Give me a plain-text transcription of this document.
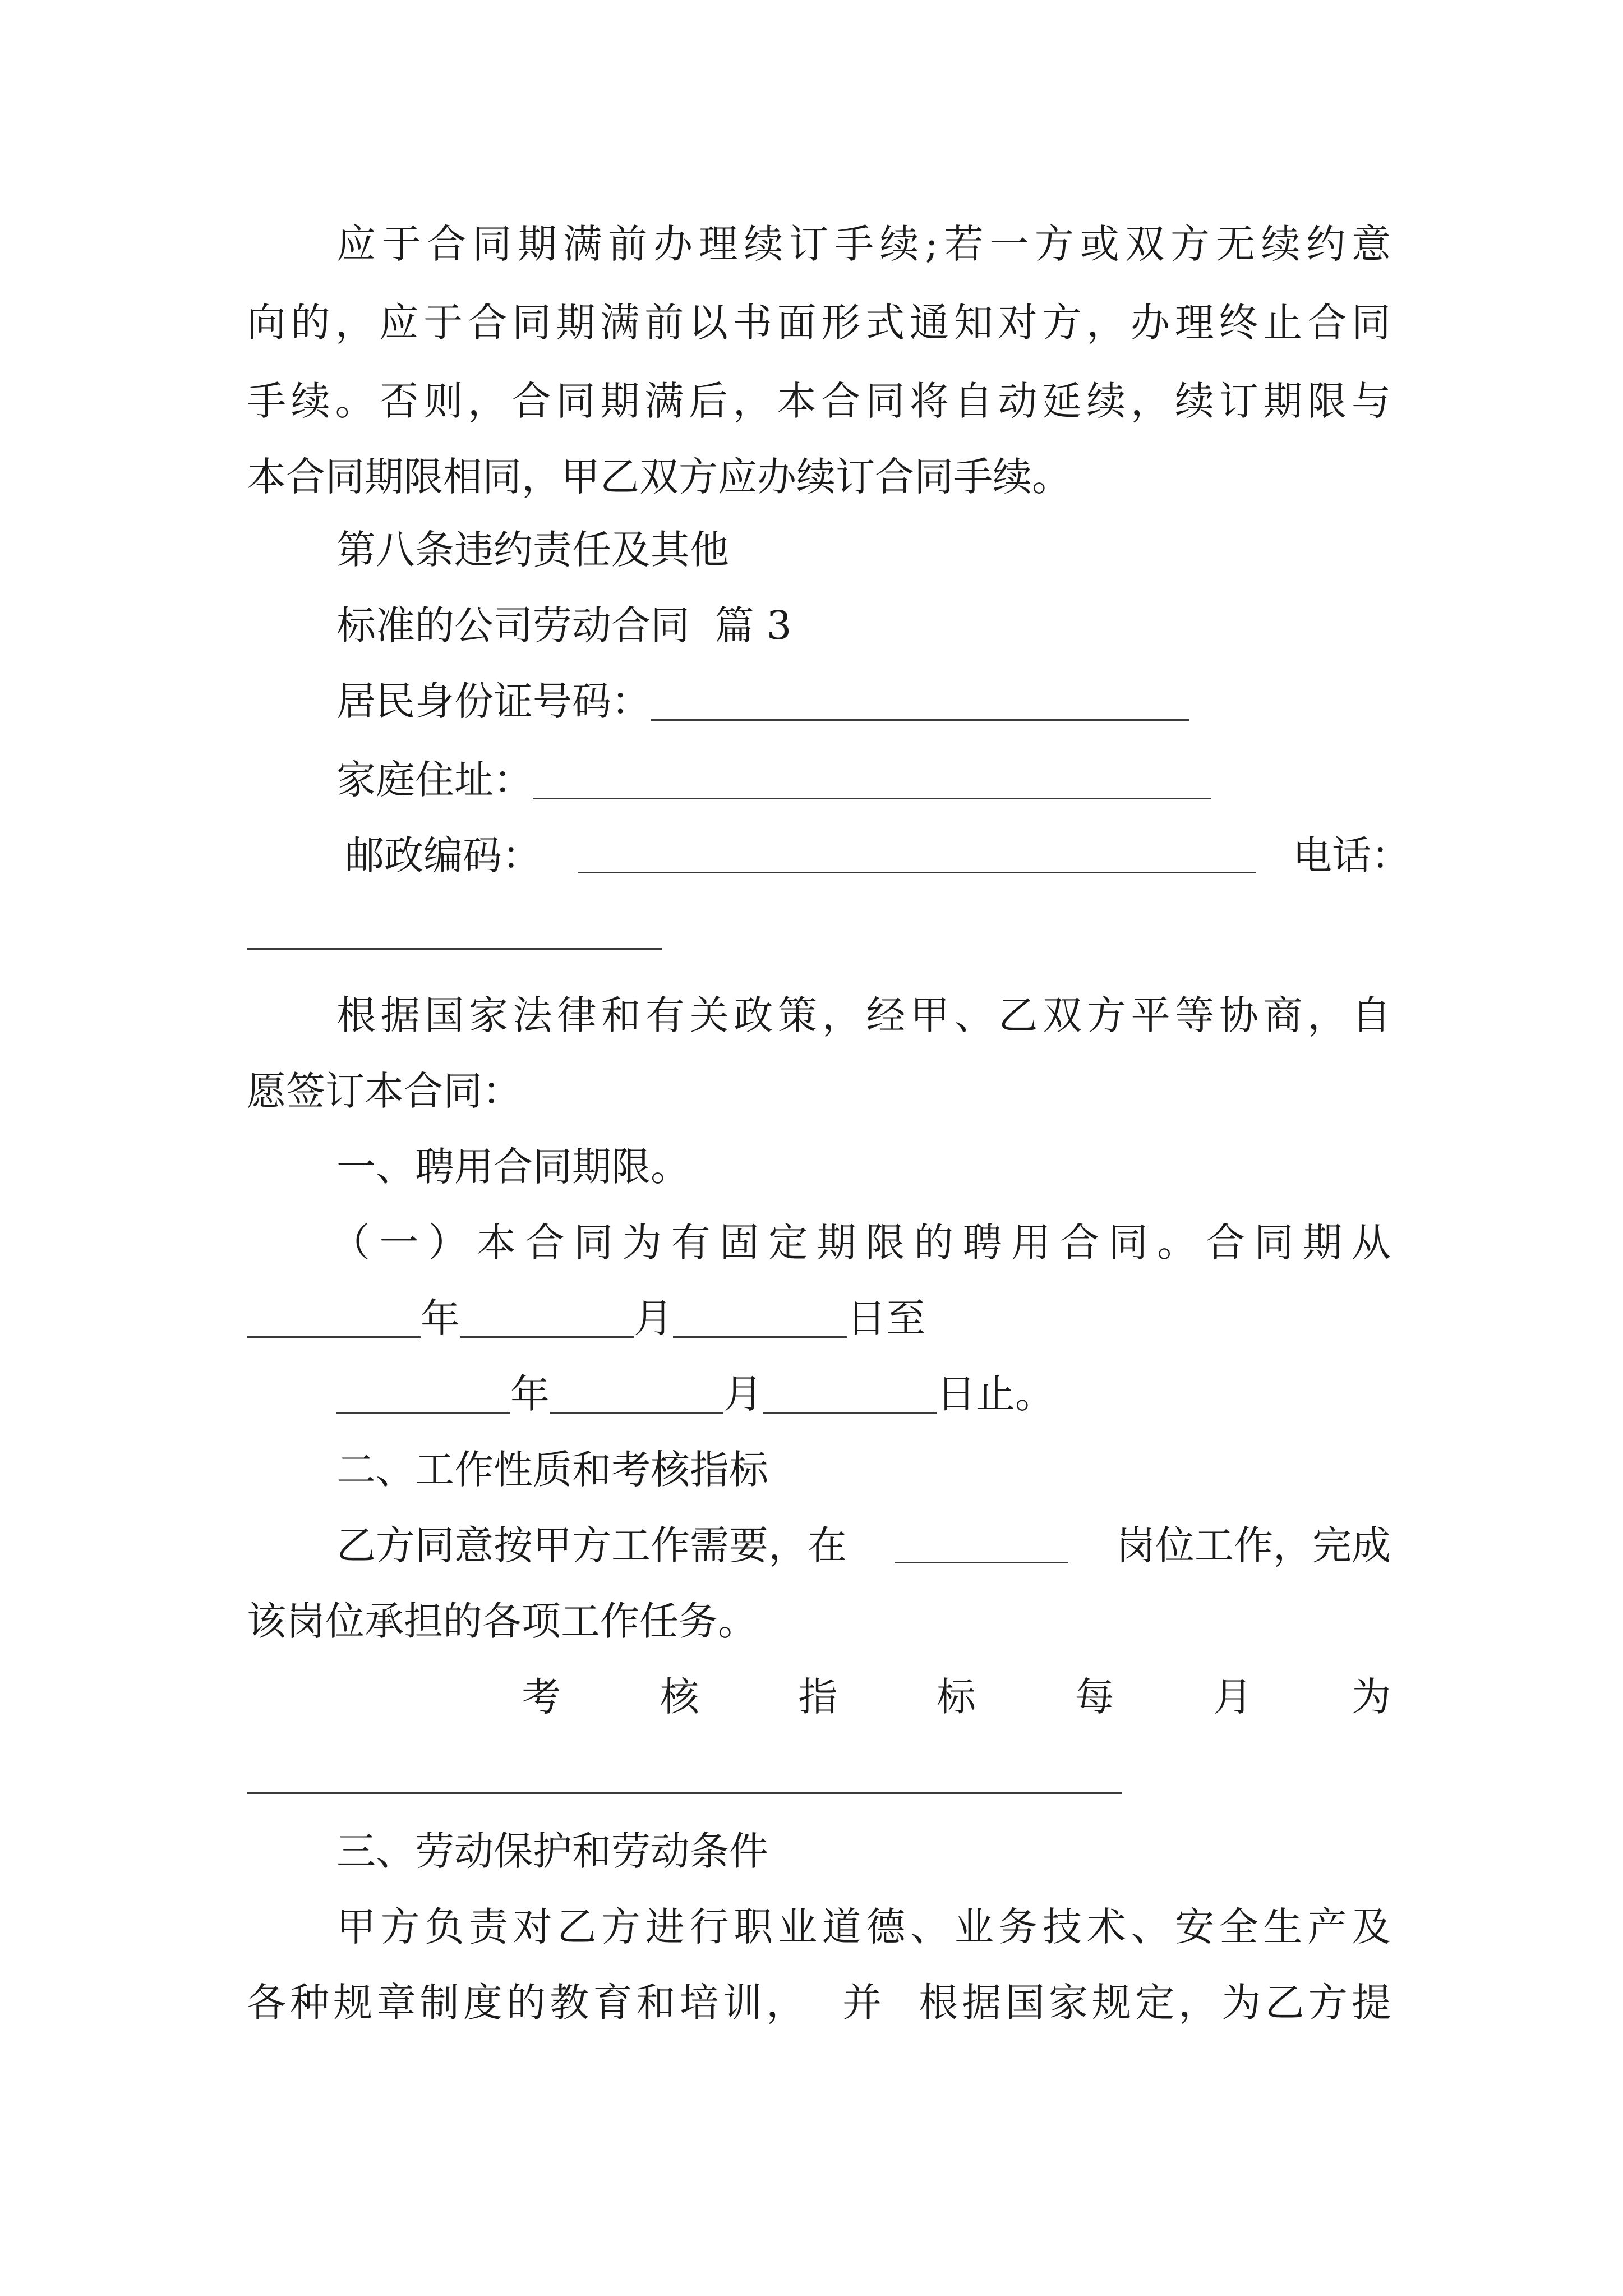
应于合同期满前办理续订手续;若一方或双方无续约意
向的，应于合同期满前以书面形式通知对方，办理终止合同
手续。否则，合同期满后，本合同将自动延续，续订期限与
本合同期限相同，甲乙双方应办续订合同手续。
第八条违约责任及其他
标准的公司劳动合同  篇 3
居民身份证号码：
家庭住址：
邮政编码：	电话：
根据国家法律和有关政策，经甲、乙双方平等协商，自
愿签订本合同：
一、聘用合同期限。
（一）本合同为有固定期限的聘用合同。合同期从
年	月	日至
年	月	日止。
二、工作性质和考核指标
乙方同意按甲方工作需要，在	岗位工作，完成
该岗位承担的各项工作任务。
考	核	指	标	每	月	为
三、劳动保护和劳动条件
甲方负责对乙方进行职业道德、业务技术、安全生产及
各种规章制度的教育和培训，  并  根据国家规定，为乙方提
